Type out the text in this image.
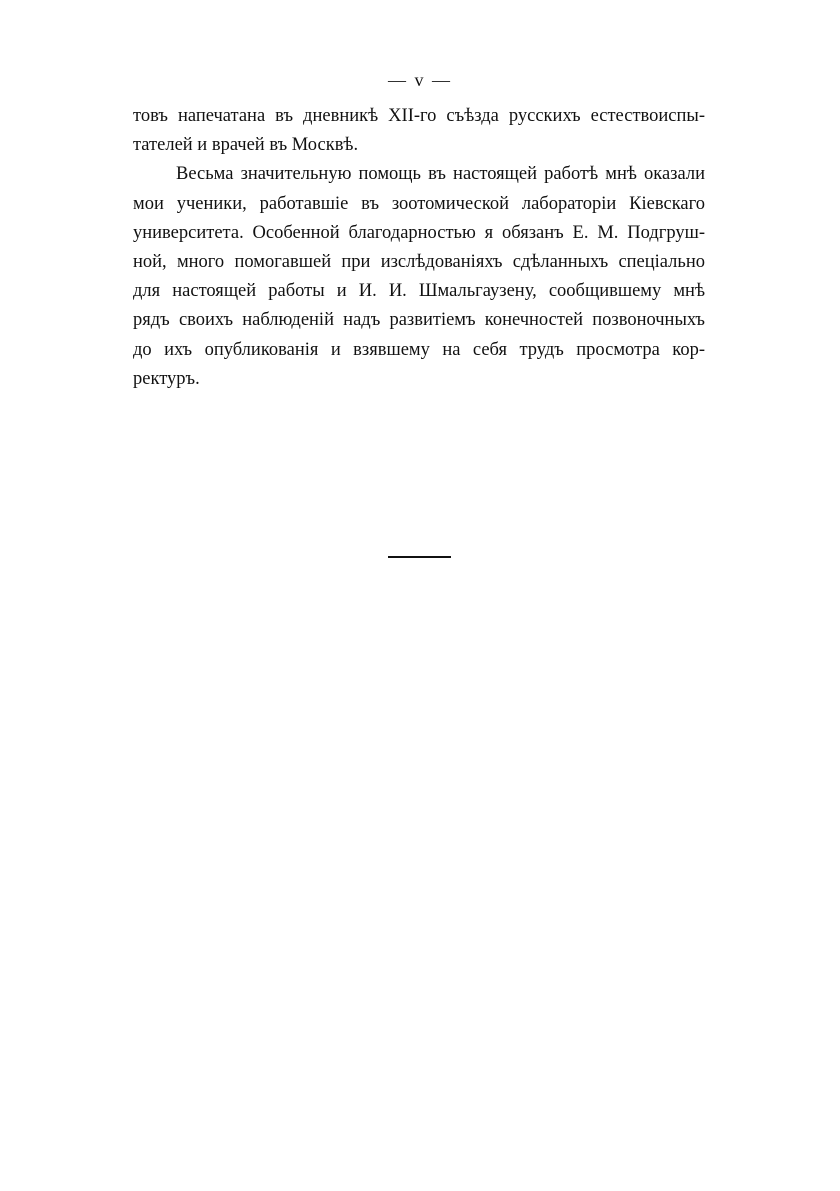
— v —
товъ напечатана въ дневникѣ XII-го съѣзда русскихъ естествоиспы-
тателей и врачей въ Москвѣ.
Весьма значительную помощь въ настоящей работѣ мнѣ оказали
мои ученики, работавшіе въ зоотомической лабораторіи Кіевскаго
университета. Особенной благодарностью я обязанъ Е. М. Подгруш-
ной, много помогавшей при изслѣдованіяхъ сдѣланныхъ спеціально
для настоящей работы и И. И. Шмальгаузену, сообщившему мнѣ
рядъ своихъ наблюденій надъ развитіемъ конечностей позвоночныхъ
до ихъ опубликованія и взявшему на себя трудъ просмотра кор-
ректуръ.
